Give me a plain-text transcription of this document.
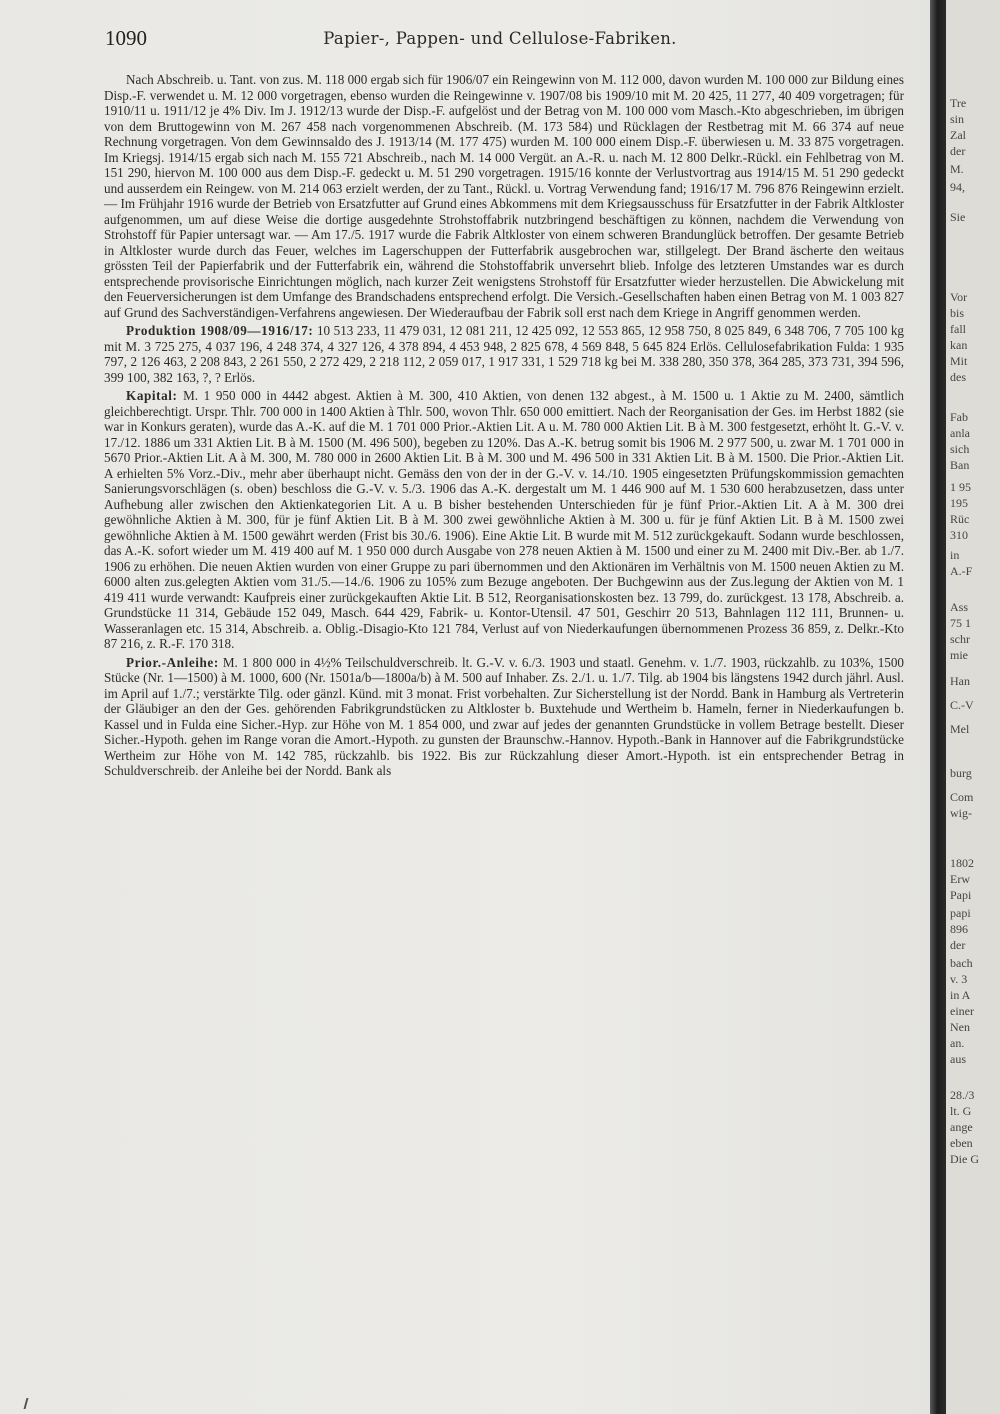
1090	Papier-, Pappen- und Cellulose-Fabriken.

Nach Abschreib. u. Tant. von zus. M. 118 000 ergab sich für 1906/07 ein Reingewinn von M. 112 000, davon wurden M. 100 000 zur Bildung eines Disp.-F. verwendet u. M. 12 000 vorgetragen, ebenso wurden die Reingewinne v. 1907/08 bis 1909/10 mit M. 20 425, 11 277, 40 409 vorgetragen; für 1910/11 u. 1911/12 je 4% Div. Im J. 1912/13 wurde der Disp.-F. aufgelöst und der Betrag von M. 100 000 vom Masch.-Kto abgeschrieben, im übrigen von dem Bruttogewinn von M. 267 458 nach vorgenommenen Abschreib. (M. 173 584) und Rücklagen der Restbetrag mit M. 66 374 auf neue Rechnung vorgetragen. Von dem Gewinnsaldo des J. 1913/14 (M. 177 475) wurden M. 100 000 einem Disp.-F. überwiesen u. M. 33 875 vorgetragen. Im Kriegsj. 1914/15 ergab sich nach M. 155 721 Abschreib., nach M. 14 000 Vergüt. an A.-R. u. nach M. 12 800 Delkr.-Rückl. ein Fehlbetrag von M. 151 290, hiervon M. 100 000 aus dem Disp.-F. gedeckt u. M. 51 290 vorgetragen. 1915/16 konnte der Verlustvortrag aus 1914/15 M. 51 290 gedeckt und ausserdem ein Reingew. von M. 214 063 erzielt werden, der zu Tant., Rückl. u. Vortrag Verwendung fand; 1916/17 M. 796 876 Reingewinn erzielt. — Im Frühjahr 1916 wurde der Betrieb von Ersatzfutter auf Grund eines Abkommens mit dem Kriegsausschuss für Ersatzfutter in der Fabrik Altkloster aufgenommen, um auf diese Weise die dortige ausgedehnte Strohstoffabrik nutzbringend beschäftigen zu können, nachdem die Verwendung von Strohstoff für Papier untersagt war. — Am 17./5. 1917 wurde die Fabrik Altkloster von einem schweren Brandunglück betroffen. Der gesamte Betrieb in Altkloster wurde durch das Feuer, welches im Lagerschuppen der Futterfabrik ausgebrochen war, stillgelegt. Der Brand äscherte den weitaus grössten Teil der Papierfabrik und der Futterfabrik ein, während die Stohstoffabrik unversehrt blieb. Infolge des letzteren Umstandes war es durch entsprechende provisorische Einrichtungen möglich, nach kurzer Zeit wenigstens Strohstoff für Ersatzfutter wieder herzustellen. Die Abwickelung mit den Feuerversicherungen ist dem Umfange des Brandschadens entsprechend erfolgt. Die Versich.-Gesellschaften haben einen Betrag von M. 1 003 827 auf Grund des Sachverständigen-Verfahrens angewiesen. Der Wiederaufbau der Fabrik soll erst nach dem Kriege in Angriff genommen werden.

Produktion 1908/09—1916/17: 10 513 233, 11 479 031, 12 081 211, 12 425 092, 12 553 865, 12 958 750, 8 025 849, 6 348 706, 7 705 100 kg mit M. 3 725 275, 4 037 196, 4 248 374, 4 327 126, 4 378 894, 4 453 948, 2 825 678, 4 569 848, 5 645 824 Erlös. Cellulosefabrikation Fulda: 1 935 797, 2 126 463, 2 208 843, 2 261 550, 2 272 429, 2 218 112, 2 059 017, 1 917 331, 1 529 718 kg bei M. 338 280, 350 378, 364 285, 373 731, 394 596, 399 100, 382 163, ?, ? Erlös.

Kapital: M. 1 950 000 in 4442 abgest. Aktien à M. 300, 410 Aktien, von denen 132 abgest., à M. 1500 u. 1 Aktie zu M. 2400, sämtlich gleichberechtigt. Urspr. Thlr. 700 000 in 1400 Aktien à Thlr. 500, wovon Thlr. 650 000 emittiert. Nach der Reorganisation der Ges. im Herbst 1882 (sie war in Konkurs geraten), wurde das A.-K. auf die M. 1 701 000 Prior.-Aktien Lit. A u. M. 780 000 Aktien Lit. B à M. 300 festgesetzt, erhöht lt. G.-V. v. 17./12. 1886 um 331 Aktien Lit. B à M. 1500 (M. 496 500), begeben zu 120%. Das A.-K. betrug somit bis 1906 M. 2 977 500, u. zwar M. 1 701 000 in 5670 Prior.-Aktien Lit. A à M. 300, M. 780 000 in 2600 Aktien Lit. B à M. 300 und M. 496 500 in 331 Aktien Lit. B à M. 1500. Die Prior.-Aktien Lit. A erhielten 5% Vorz.-Div., mehr aber überhaupt nicht. Gemäss den von der in der G.-V. v. 14./10. 1905 eingesetzten Prüfungskommission gemachten Sanierungsvorschlägen (s. oben) beschloss die G.-V. v. 5./3. 1906 das A.-K. dergestalt um M. 1 446 900 auf M. 1 530 600 herabzusetzen, dass unter Aufhebung aller zwischen den Aktienkategorien Lit. A u. B bisher bestehenden Unterschieden für je fünf Prior.-Aktien Lit. A à M. 300 drei gewöhnliche Aktien à M. 300, für je fünf Aktien Lit. B à M. 300 zwei gewöhnliche Aktien à M. 300 u. für je fünf Aktien Lit. B à M. 1500 zwei gewöhnliche Aktien à M. 1500 gewährt werden (Frist bis 30./6. 1906). Eine Aktie Lit. B wurde mit M. 512 zurückgekauft. Sodann wurde beschlossen, das A.-K. sofort wieder um M. 419 400 auf M. 1 950 000 durch Ausgabe von 278 neuen Aktien à M. 1500 und einer zu M. 2400 mit Div.-Ber. ab 1./7. 1906 zu erhöhen. Die neuen Aktien wurden von einer Gruppe zu pari übernommen und den Aktionären im Verhältnis von M. 1500 neuen Aktien zu M. 6000 alten zus.gelegten Aktien vom 31./5.—14./6. 1906 zu 105% zum Bezuge angeboten. Der Buchgewinn aus der Zus.legung der Aktien von M. 1 419 411 wurde verwandt: Kaufpreis einer zurückgekauften Aktie Lit. B 512, Reorganisationskosten bez. 13 799, do. zurückgest. 13 178, Abschreib. a. Grundstücke 11 314, Gebäude 152 049, Masch. 644 429, Fabrik- u. Kontor-Utensil. 47 501, Geschirr 20 513, Bahnlagen 112 111, Brunnen- u. Wasseranlagen etc. 15 314, Abschreib. a. Oblig.-Disagio-Kto 121 784, Verlust auf von Niederkaufungen übernommenen Prozess 36 859, z. Delkr.-Kto 87 216, z. R.-F. 170 318.

Prior.-Anleihe: M. 1 800 000 in 4½% Teilschuldverschreib. lt. G.-V. v. 6./3. 1903 und staatl. Genehm. v. 1./7. 1903, rückzahlb. zu 103%, 1500 Stücke (Nr. 1—1500) à M. 1000, 600 (Nr. 1501a/b—1800a/b) à M. 500 auf Inhaber. Zs. 2./1. u. 1./7. Tilg. ab 1904 bis längstens 1942 durch jährl. Ausl. im April auf 1./7.; verstärkte Tilg. oder gänzl. Künd. mit 3 monat. Frist vorbehalten. Zur Sicherstellung ist der Nordd. Bank in Hamburg als Vertreterin der Gläubiger an den der Ges. gehörenden Fabrikgrundstücken zu Altkloster b. Buxtehude und Wertheim b. Hameln, ferner in Niederkaufungen b. Kassel und in Fulda eine Sicher.-Hyp. zur Höhe von M. 1 854 000, und zwar auf jedes der genannten Grundstücke in vollem Betrage bestellt. Dieser Sicher.-Hypoth. gehen im Range voran die Amort.-Hypoth. zu gunsten der Braunschw.-Hannov. Hypoth.-Bank in Hannover auf die Fabrikgrundstücke Wertheim zur Höhe von M. 142 785, rückzahlb. bis 1922. Bis zur Rückzahlung dieser Amort.-Hypoth. ist ein entsprechender Betrag in Schuldverschreib. der Anleihe bei der Nordd. Bank als

Tre
sin
Zal
der
M.
94,
Sie
Vor
bis
fall
kan
Mit
des
Fab
anla
sich
Ban
1 95
195
Rüc
310
in
A.-F
Ass
75 1
schr
mie
Han
C.-V
Mel
burg
Com
wig-
1802
Erw
Papi
papi
896
der
bach
v. 3
in A
einer
Nen
an.
aus
28./3
lt. G
ange
eben
Die G
